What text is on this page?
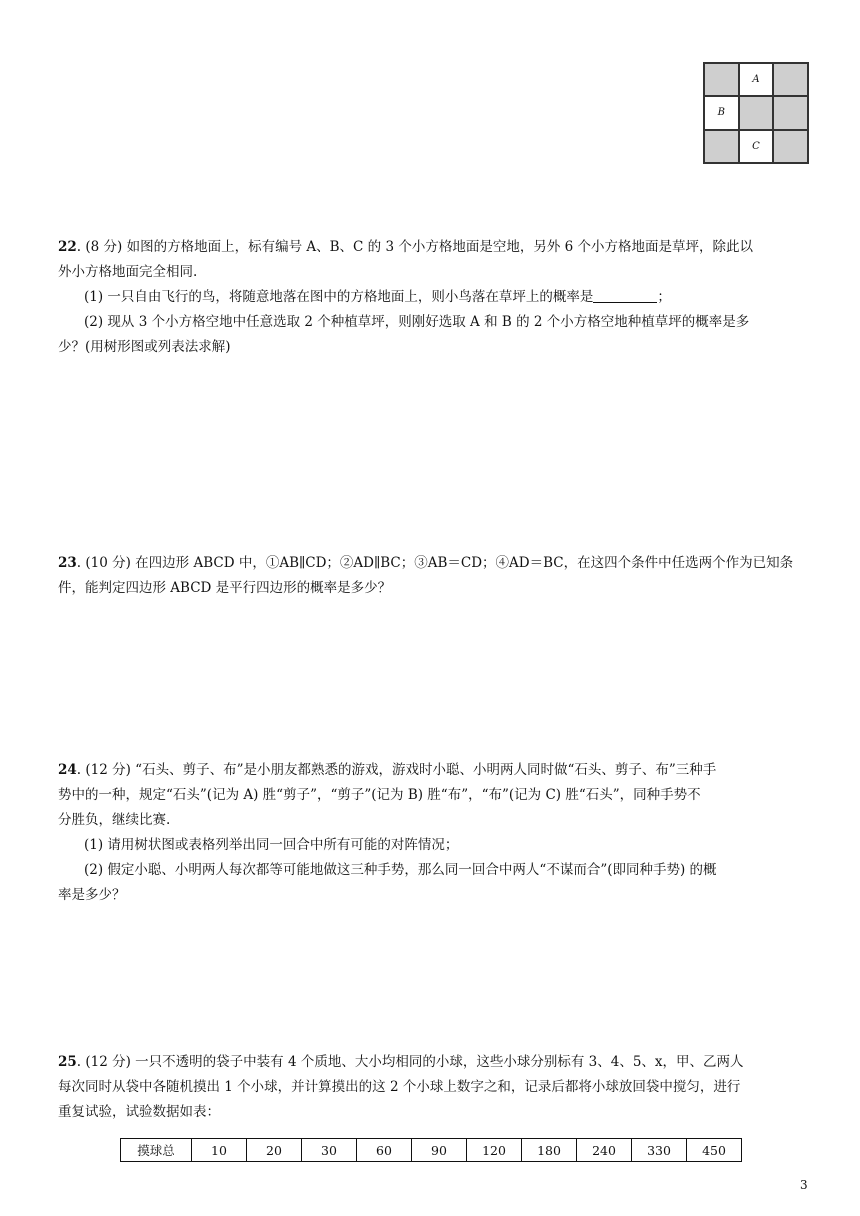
A
B
C

22. (8 分) 如图的方格地面上，标有编号 A、B、C 的 3 个小方格地面是空地，另外 6 个小方格地面是草坪，除此以

外小方格地面完全相同.

(1) 一只自由飞行的鸟，将随意地落在图中的方格地面上，则小鸟落在草坪上的概率是	；

(2) 现从 3 个小方格空地中任意选取 2 个种植草坪，则刚好选取 A 和 B 的 2 个小方格空地种植草坪的概率是多

少？(用树形图或列表法求解)

23. (10 分) 在四边形 ABCD 中，①AB∥CD；②AD∥BC；③AB＝CD；④AD＝BC，在这四个条件中任选两个作为已知条

件，能判定四边形 ABCD 是平行四边形的概率是多少？

24. (12 分) “石头、剪子、布”是小朋友都熟悉的游戏，游戏时小聪、小明两人同时做“石头、剪子、布”三种手

势中的一种，规定“石头”(记为 A) 胜“剪子”，“剪子”(记为 B) 胜“布”，“布”(记为 C) 胜“石头”，同种手势不

分胜负，继续比赛.

(1) 请用树状图或表格列举出同一回合中所有可能的对阵情况；

(2) 假定小聪、小明两人每次都等可能地做这三种手势，那么同一回合中两人“不谋而合”(即同种手势) 的概

率是多少？

25. (12 分) 一只不透明的袋子中装有 4 个质地、大小均相同的小球，这些小球分别标有 3、4、5、x，甲、乙两人

每次同时从袋中各随机摸出 1 个小球，并计算摸出的这 2 个小球上数字之和，记录后都将小球放回袋中搅匀，进行

重复试验，试验数据如表：

摸球总	10	20	30	60	90	120	180	240	330	450
3
